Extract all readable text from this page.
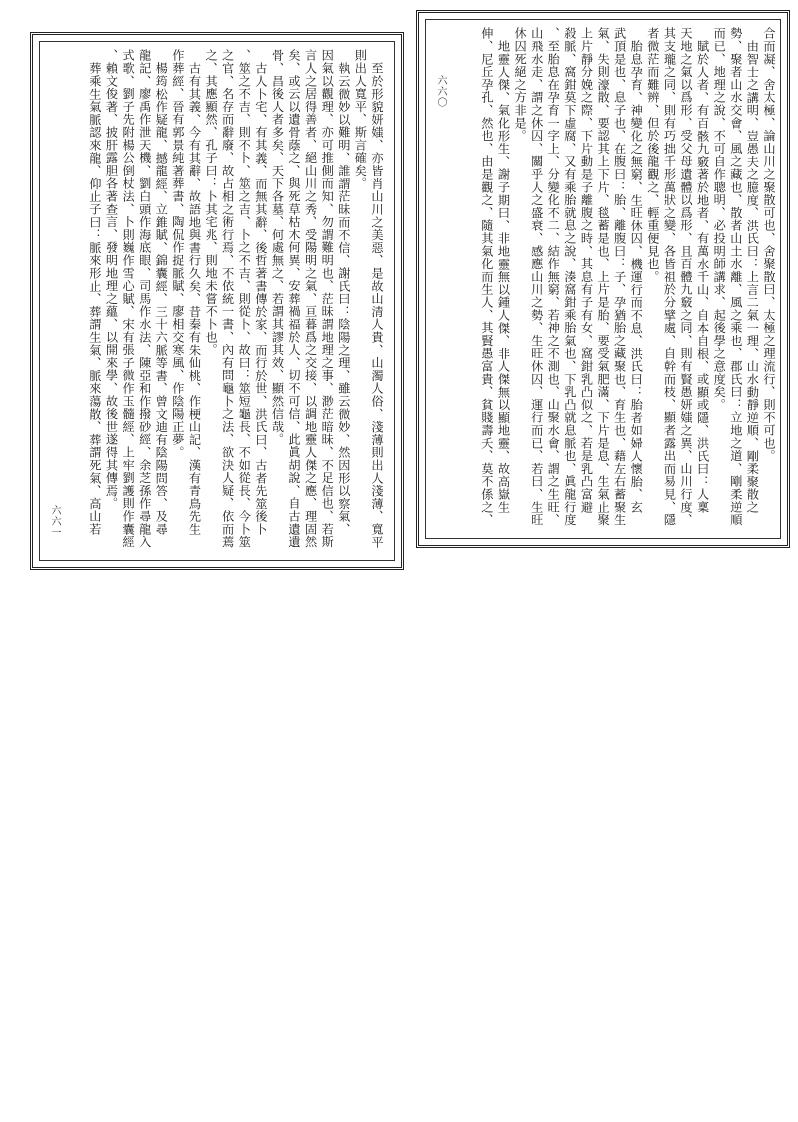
合而凝、舍太極、論山川之聚散可也、舍聚散曰、太極之理流行、則不可也。
由智士之講明、豈愚夫之臆度、洪氏曰：上言二氣一理、山水動靜逆順、剛柔聚散之
勢、聚者山水交會、風之藏也、散者山土水離、風之乘也、郡氏曰：立地之道、剛柔逆順
而已、地理之說、不可自作聰明、必投明師講求、起後學之意度矣。
賦於人者、有百骸九竅著於地者、有萬水千山、自本自根、或顯或隱、洪氏曰：人稟
天地之氣以爲形、受父母遺體以爲形、且百體九竅之同、則有賢愚妍媸之異、山川行度、
其支瓏之同、則有巧拙千形萬狀之變、各皆祖於分擘處、自幹而枝、顯者露出而易見、隱
者微茫而難辨、但於後龍觀之、輕重便見也。
胎息孕育、神變化之無窮、生旺休囚、機運行而不息、洪氏曰：胎者如婦人懷胎、玄
武頂是也、息子也、在腹曰：胎、離腹曰：子、孕猶胎之藏聚也、育生也、藉左右蓄聚生
氣、失則濠散、要認其上下片、毯蓄是也、上片是胎、要受氣肥滿、下片是息、生氣止聚
上片靜分娩之際、下片動是子離腹之時、其息有子有女、窩鉗乳凸似之、若是乳凸富避
殺脈、窩鉗莫下虛腐、又有乘胎就息之說、湊窩鉗乘胎氣也、下乳凸就息脈也、眞龍行度
、至胎息在孕育一字上、分變化不二、結作無窮、若神之不測也、山聚水會、謂之生旺、
山飛水走、謂之休囚、關乎人之盛衰、感應山川之勢、生旺休囚、運行而已、若曰、生旺
休囚死絕之方非是。
地靈人傑、氣化形生、謝子期曰、非地靈無以鍾人傑、非人傑無以顯地靈、故高嶽生
伸、尼丘孕孔、然也、由是觀之、隨其氣化而生人、其賢愚富貴、貧賤壽夭、莫不係之、
六六〇
至於形貌妍媸、亦皆肖山川之美惡、是故山清人貴、山濁人俗、淺薄則出人淺薄、寬平
則出人寬平、斯言確矣。
執云微妙以難明、誰謂茫昧而不信、謝氏曰：陰陽之理、雖云微妙、然因形以察氣、
因氣以觀理、亦可推側而知、勿謂難明也、茫昧謂地理之事、渺茫暗昧、不足信也、若斯
言人之居得善者、絕山川之秀、受陽明之氣、亘暮爲之交接、以調地靈人傑之應、理固然
矣、或云以遺骨蔭之、與死草枯木何異、安葬禍福於人、切不可信、此眞胡說、自古遺遺
骨、昌後人者多矣、天下各墓、何處無之、若謂其謬其效、顯然信哉。
古人卜宅、有其義、而無其辭、後哲著書傳於家、而行於世、洪氏曰、古者先筮後卜
、筮之不吉、則不卜、筮之吉、卜之不吉、則從卜、故曰：筮短龜長、不如從長、今卜筮
之官、名存而辭廢、故占相之術行焉、不依統一書、內有問龜卜之法、欲決人疑、依而蔫
之、其應顯然、孔子曰：卜其宅兆、則地未嘗不卜也。
古有其義、今有其辭、故語地與書行久矣、昔秦有朱仙桃、作梗山記、漢有青鳥先生
作葬經、晉有郭景純著葬書、陶侃作捉脈賦、廖相交寒風、作陰陽正夢。
楊筠松作疑龍、撼龍經、立錐賦、錦囊經、三十六脈等書、曾文迪有陰陽問答、及尋
龍記、廖禹作泄天機、劉白頭作海底眼、司馬作水法、陳亞和作撥砂經、余芝孫作尋龍入
式歌、劉子先附楊公倒杖法、卜則巍作雪心賦、宋有張子微作玉髓經、上牢劉護則作囊經
、賴文俊著、披肝露胆各著查言、發明地理之蘊、以開來學、故後世遂得其傳焉。
葬乘生氣脈認來龍、仰止子曰：脈來形止、葬謂生氣、脈來蕩散、葬謂死氣、高山若
六六一
